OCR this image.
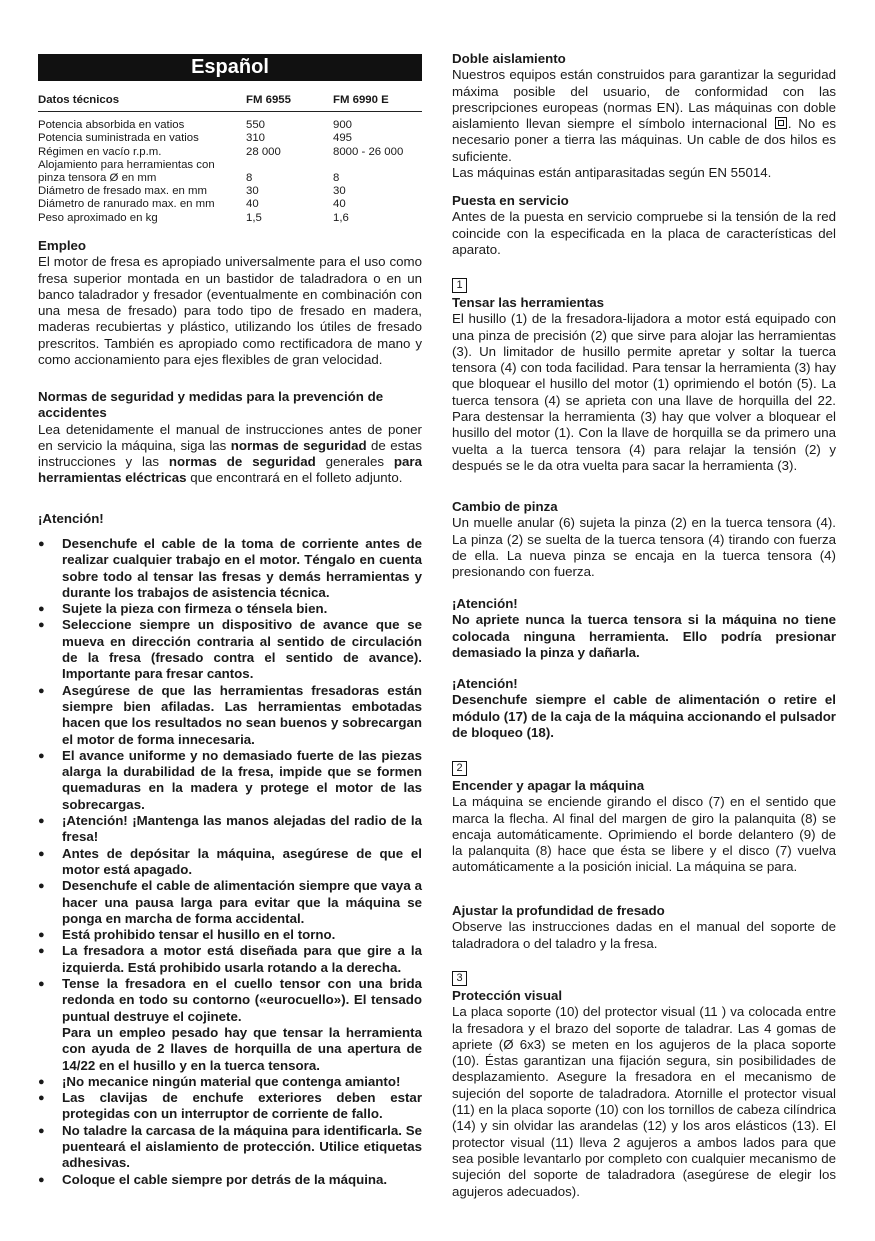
Español
Datos técnicos	FM 6955	FM 6990 E
Potencia absorbida en vatios	550	900
Potencia suministrada en vatios	310	495
Régimen en vacío r.p.m.	28 000	8000 - 26 000
Alojamiento para herramientas con
pinza tensora Ø en mm	8	8
Diámetro de fresado max. en mm	30	30
Diámetro de ranurado max. en mm	40	40
Peso aproximado en kg	1,5	1,6
Empleo
El motor de fresa es apropiado universalmente para el uso como fresa superior montada en un bastidor de taladradora o en un banco taladrador y fresador (eventualmente en combinación con una mesa de fresado) para todo tipo de fresado en madera, maderas recubiertas y plástico, utilizando los útiles de fresado prescritos. También es apropiado como rectificadora de mano y como accionamiento para ejes flexibles de gran velocidad.
Normas de seguridad y medidas para la prevención de accidentes
Lea detenidamente el manual de instrucciones antes de poner en servicio la máquina, siga las normas de seguridad de estas instrucciones y las normas de seguridad generales para herramientas eléctricas que encontrará en el folleto adjunto.
¡Atención!
● Desenchufe el cable de la toma de corriente antes de realizar cualquier trabajo en el motor. Téngalo en cuenta sobre todo al tensar las fresas y demás herramientas y durante los trabajos de asistencia técnica.
● Sujete la pieza con firmeza o ténsela bien.
● Seleccione siempre un dispositivo de avance que se mueva en dirección contraria al sentido de circulación de la fresa (fresado contra el sentido de avance). Importante para fresar cantos.
● Asegúrese de que las herramientas fresadoras están siempre bien afiladas. Las herramientas embotadas hacen que los resultados no sean buenos y sobrecargan el motor de forma innecesaria.
● El avance uniforme y no demasiado fuerte de las piezas alarga la durabilidad de la fresa, impide que se formen quemaduras en la madera y protege el motor de las sobrecargas.
● ¡Atención! ¡Mantenga las manos alejadas del radio de la fresa!
● Antes de depósitar la máquina, asegúrese de que el motor está apagado.
● Desenchufe el cable de alimentación siempre que vaya a hacer una pausa larga para evitar que la máquina se ponga en marcha de forma accidental.
● Está prohibido tensar el husillo en el torno.
● La fresadora a motor está diseñada para que gire a la izquierda. Está prohibido usarla rotando a la derecha.
● Tense la fresadora en el cuello tensor con una brida redonda en todo su contorno («eurocuello»). El tensado puntual destruye el cojinete.
Para un empleo pesado hay que tensar la herramienta con ayuda de 2 llaves de horquilla de una apertura de 14/22 en el husillo y en la tuerca tensora.
● ¡No mecanice ningún material que contenga amianto!
● Las clavijas de enchufe exteriores deben estar protegidas con un interruptor de corriente de fallo.
● No taladre la carcasa de la máquina para identificarla. Se puenteará el aislamiento de protección. Utilice etiquetas adhesivas.
● Coloque el cable siempre por detrás de la máquina.
Doble aislamiento
Nuestros equipos están construidos para garantizar la seguridad máxima posible del usuario, de conformidad con las prescripciones europeas (normas EN). Las máquinas con doble aislamiento llevan siempre el símbolo internacional . No es necesario poner a tierra las máquinas. Un cable de dos hilos es suficiente.
Las máquinas están antiparasitadas según EN 55014.
Puesta en servicio
Antes de la puesta en servicio compruebe si la tensión de la red coincide con la especificada en la placa de características del aparato.
1
Tensar las herramientas
El husillo (1) de la fresadora-lijadora a motor está equipado con una pinza de precisión (2) que sirve para alojar las herramientas (3). Un limitador de husillo permite apretar y soltar la tuerca tensora (4) con toda facilidad. Para tensar la herramienta (3) hay que bloquear el husillo del motor (1) oprimiendo el botón (5). La tuerca tensora (4) se aprieta con una llave de horquilla del 22. Para destensar la herramienta (3) hay que volver a bloquear el husillo del motor (1). Con la llave de horquilla se da primero una vuelta a la tuerca tensora (4) para relajar la tensión (2) y después se le da otra vuelta para sacar la herramienta (3).
Cambio de pinza
Un muelle anular (6) sujeta la pinza (2) en la tuerca tensora (4). La pinza (2) se suelta de la tuerca tensora (4) tirando con fuerza de ella. La nueva pinza se encaja en la tuerca tensora (4) presionando con fuerza.
¡Atención!
No apriete nunca la tuerca tensora si la máquina no tiene colocada ninguna herramienta. Ello podría presionar demasiado la pinza y dañarla.
¡Atención!
Desenchufe siempre el cable de alimentación o retire el módulo (17) de la caja de la máquina accionando el pulsador de bloqueo (18).
2
Encender y apagar la máquina
La máquina se enciende girando el disco (7) en el sentido que marca la flecha. Al final del margen de giro la palanquita (8) se encaja automáticamente. Oprimiendo el borde delantero (9) de la palanquita (8) hace que ésta se libere y el disco (7) vuelva automáticamente a la posición inicial. La máquina se para.
Ajustar la profundidad de fresado
Observe las instrucciones dadas en el manual del soporte de taladradora o del taladro y la fresa.
3
Protección visual
La placa soporte (10) del protector visual (11 ) va colocada entre la fresadora y el brazo del soporte de taladrar. Las 4 gomas de apriete (Ø 6x3) se meten en los agujeros de la placa soporte (10). Éstas garantizan una fijación segura, sin posibilidades de desplazamiento. Asegure la fresadora en el mecanismo de sujeción del soporte de taladradora. Atornille el protector visual (11) en la placa soporte (10) con los tornillos de cabeza cilíndrica (14) y sin olvidar las arandelas (12) y los aros elásticos (13). El protector visual (11) lleva 2 agujeros a ambos lados para que sea posible levantarlo por completo con cualquier mecanismo de sujeción del soporte de taladradora (asegúrese de elegir los agujeros adecuados).
